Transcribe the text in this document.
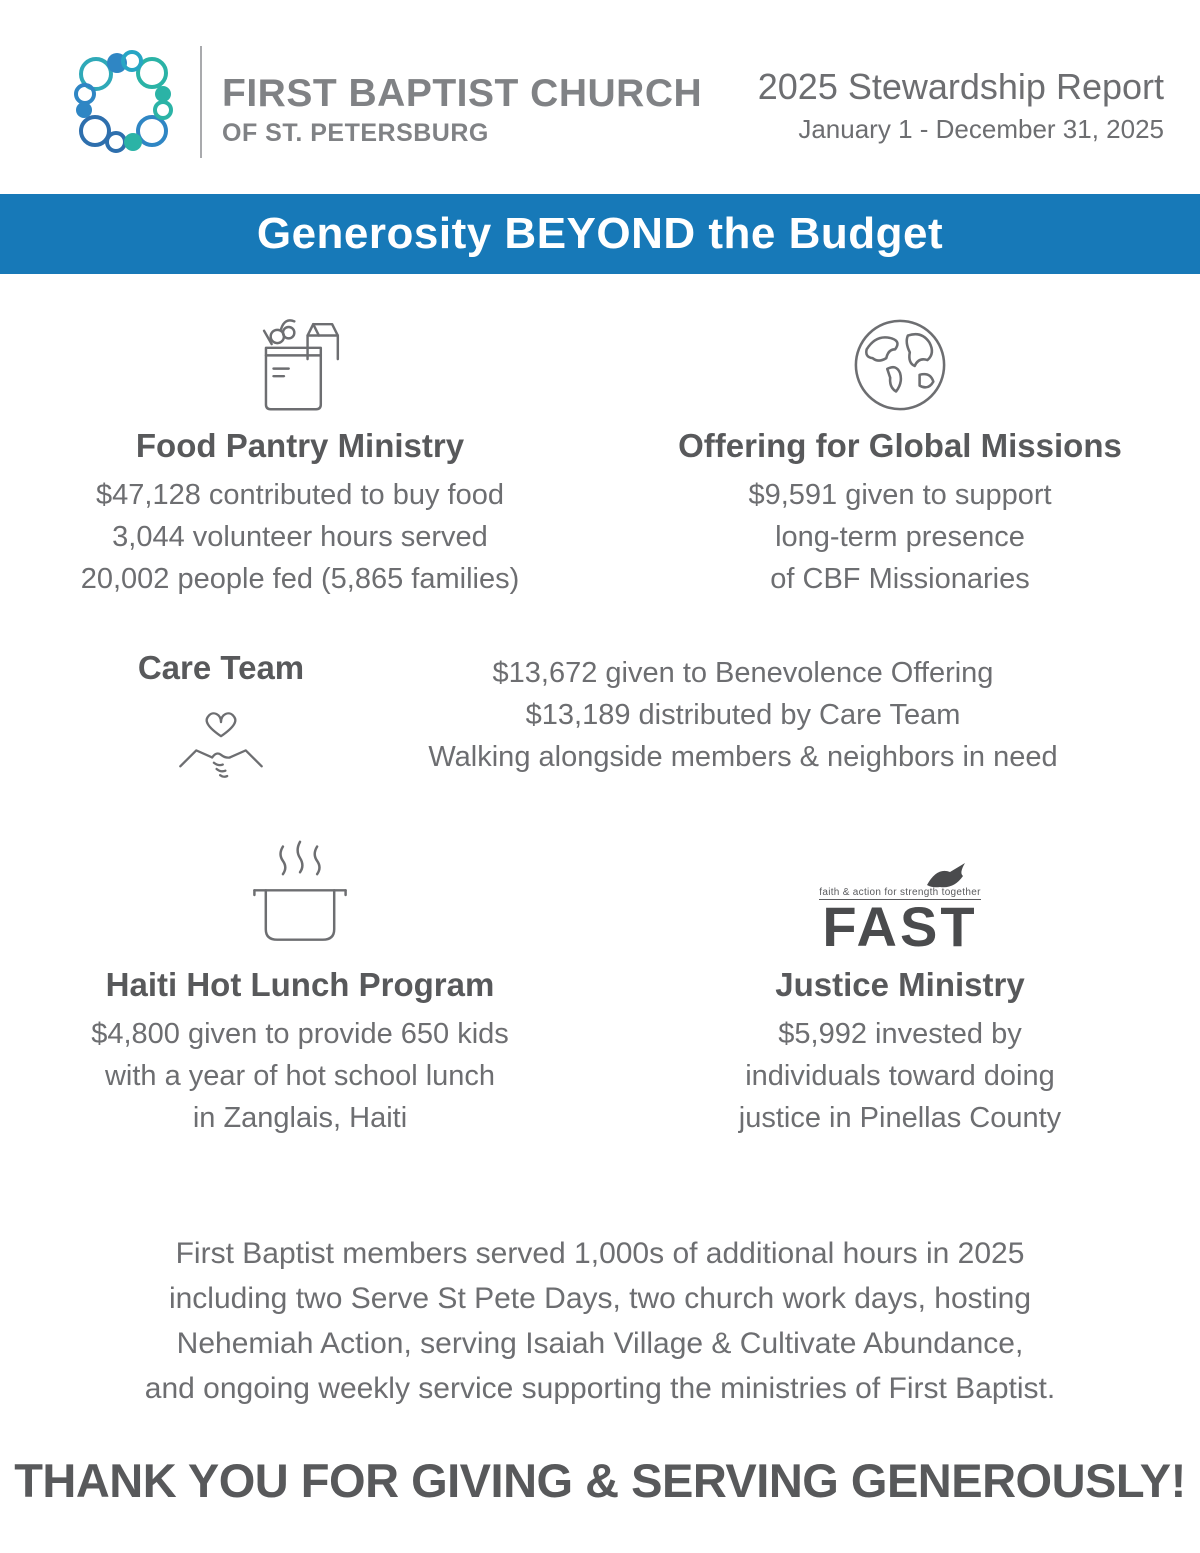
FIRST BAPTIST CHURCH
OF ST. PETERSBURG
2025 Stewardship Report
January 1 - December 31, 2025
Generosity BEYOND the Budget
Food Pantry Ministry
$47,128 contributed to buy food
3,044 volunteer hours served
20,002 people fed (5,865 families)
Offering for Global Missions
$9,591 given to support
long-term presence
of CBF Missionaries
Care Team	$13,672 given to Benevolence Offering
$13,189 distributed by Care Team
Walking alongside members & neighbors in need
Haiti Hot Lunch Program
$4,800 given to provide 650 kids
with a year of hot school lunch
in Zanglais, Haiti
faith & action for strength together
FAST
Justice Ministry
$5,992 invested by
individuals toward doing
justice in Pinellas County
First Baptist members served 1,000s of additional hours in 2025
including two Serve St Pete Days, two church work days, hosting
Nehemiah Action, serving Isaiah Village & Cultivate Abundance,
and ongoing weekly service supporting the ministries of First Baptist.
THANK YOU FOR GIVING & SERVING GENEROUSLY!
